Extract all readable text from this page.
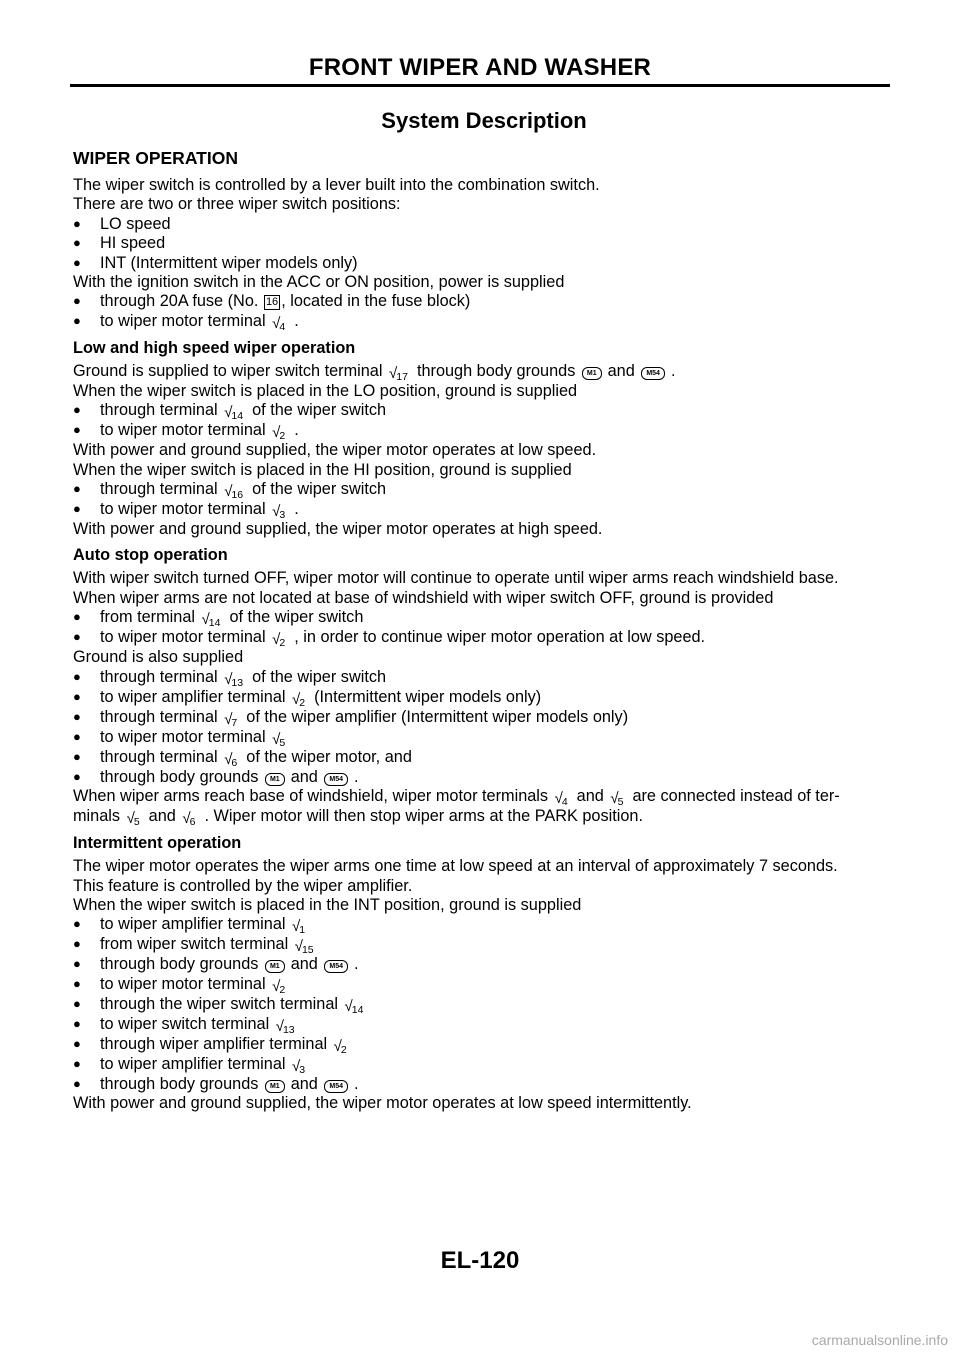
FRONT WIPER AND WASHER
System Description
WIPER OPERATION
The wiper switch is controlled by a lever built into the combination switch.
There are two or three wiper switch positions:
●LO speed
●HI speed
●INT (Intermittent wiper models only)
With the ignition switch in the ACC or ON position, power is supplied
●through 20A fuse (No. 16 , located in the fuse block)
●to wiper motor terminal √ 4 .
Low and high speed wiper operation
Ground is supplied to wiper switch terminal √ 17 through body grounds M1 and M54 .
When the wiper switch is placed in the LO position, ground is supplied
●through terminal √ 14 of the wiper switch
●to wiper motor terminal √ 2 .
With power and ground supplied, the wiper motor operates at low speed.
When the wiper switch is placed in the HI position, ground is supplied
●through terminal √ 16 of the wiper switch
●to wiper motor terminal √ 3 .
With power and ground supplied, the wiper motor operates at high speed.
Auto stop operation
With wiper switch turned OFF, wiper motor will continue to operate until wiper arms reach windshield base.
When wiper arms are not located at base of windshield with wiper switch OFF, ground is provided
●from terminal √ 14 of the wiper switch
●to wiper motor terminal √ 2 , in order to continue wiper motor operation at low speed.
Ground is also supplied
●through terminal √ 13 of the wiper switch
●to wiper amplifier terminal √ 2 (Intermittent wiper models only)
●through terminal √ 7 of the wiper amplifier (Intermittent wiper models only)
●to wiper motor terminal √ 5
●through terminal √ 6 of the wiper motor, and
●through body grounds M1 and M54 .
When wiper arms reach base of windshield, wiper motor terminals √ 4 and √ 5 are connected instead of ter-
minals √ 5 and √ 6 . Wiper motor will then stop wiper arms at the PARK position.
Intermittent operation
The wiper motor operates the wiper arms one time at low speed at an interval of approximately 7 seconds.
This feature is controlled by the wiper amplifier.
When the wiper switch is placed in the INT position, ground is supplied
●to wiper amplifier terminal √ 1
●from wiper switch terminal √ 15
●through body grounds M1 and M54 .
●to wiper motor terminal √ 2
●through the wiper switch terminal √ 14
●to wiper switch terminal √ 13
●through wiper amplifier terminal √ 2
●to wiper amplifier terminal √ 3
●through body grounds M1 and M54 .
With power and ground supplied, the wiper motor operates at low speed intermittently.
EL-120
carmanualsonline.info
